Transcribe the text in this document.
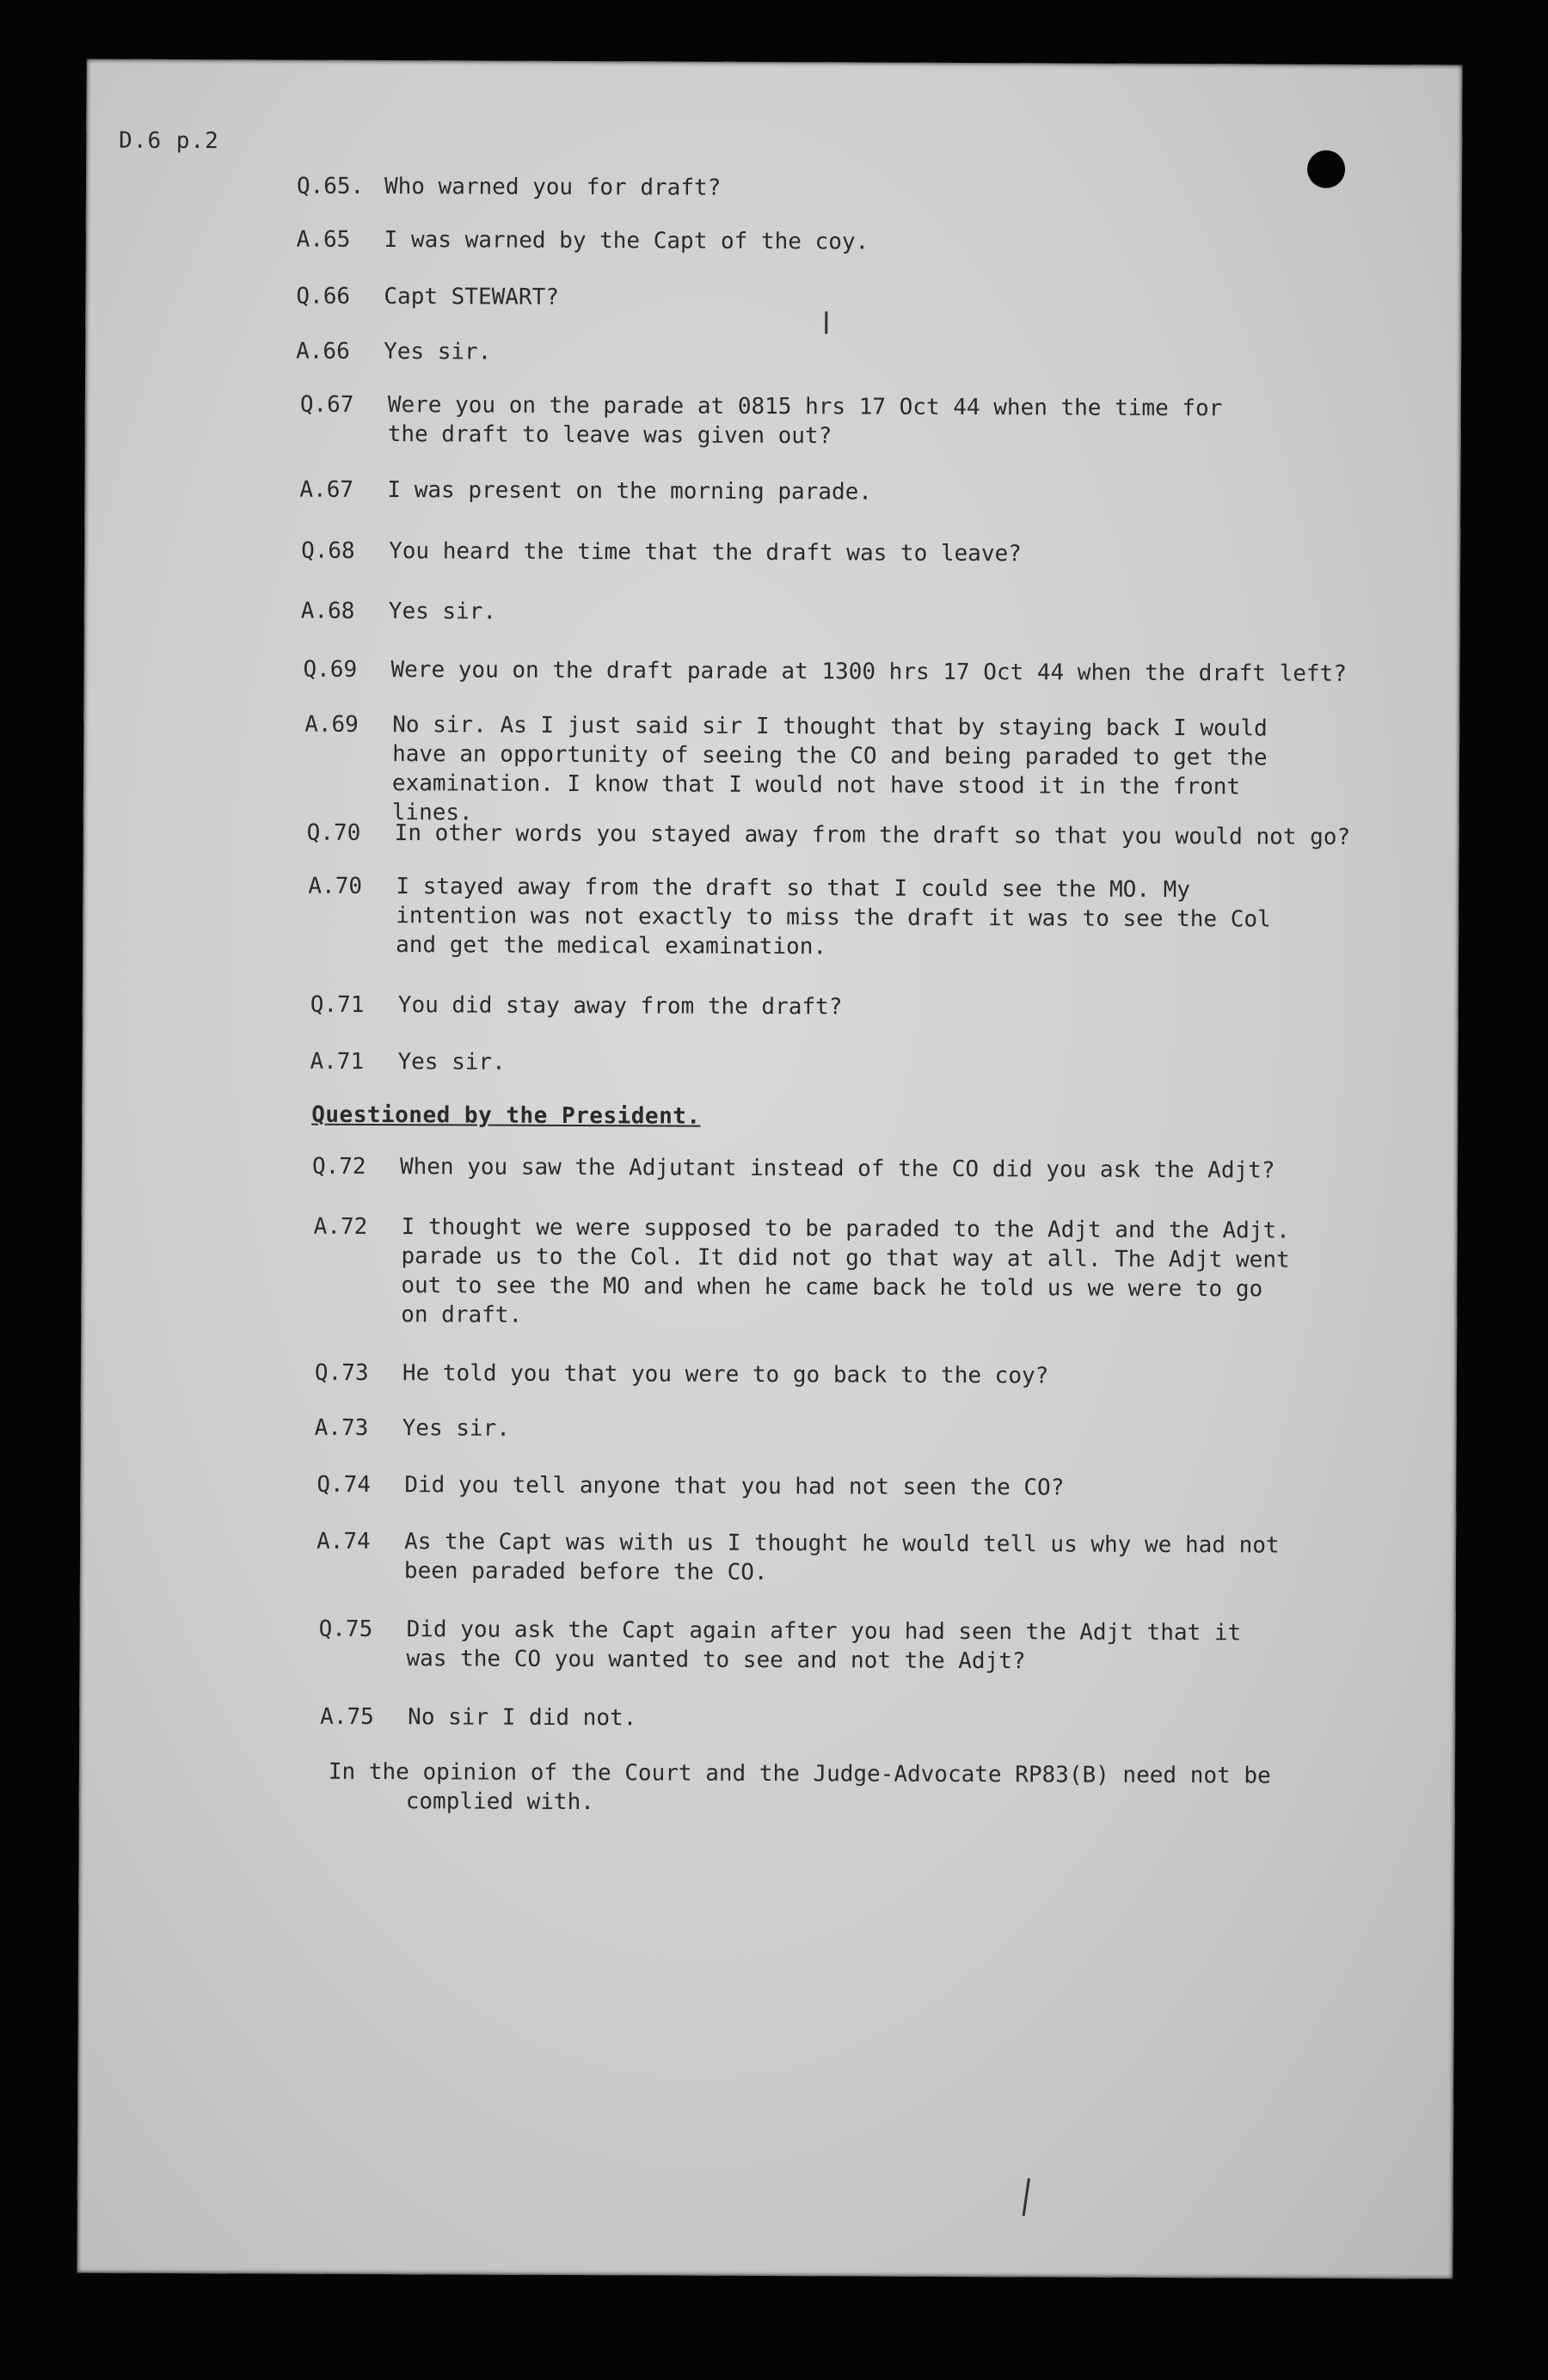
D.6 p.2
Q.65. Who warned you for draft?
A.65	I was warned by the Capt of the coy.
Q.66	Capt STEWART?
A.66	Yes sir.
Q.67	Were you on the parade at 0815 hrs 17 Oct 44 when the time for the draft to leave was given out?
A.67	I was present on the morning parade.
Q.68	You heard the time that the draft was to leave?
A.68	Yes sir.
Q.69	Were you on the draft parade at 1300 hrs 17 Oct 44 when the draft left?
A.69	No sir. As I just said sir I thought that by staying back I would have an opportunity of seeing the CO and being paraded to get the examination. I know that I would not have stood it in the front lines.
Q.70	In other words you stayed away from the draft so that you would not go?
A.70	I stayed away from the draft so that I could see the MO. My intention was not exactly to miss the draft it was to see the Col and get the medical examination.
Q.71	You did stay away from the draft?
A.71	Yes sir.
Questioned by the President.
Q.72	When you saw the Adjutant instead of the CO did you ask the Adjt?
A.72	I thought we were supposed to be paraded to the Adjt and the Adjt. parade us to the Col. It did not go that way at all. The Adjt went out to see the MO and when he came back he told us we were to go on draft.
Q.73	He told you that you were to go back to the coy?
A.73	Yes sir.
Q.74	Did you tell anyone that you had not seen the CO?
A.74	As the Capt was with us I thought he would tell us why we had not been paraded before the CO.
Q.75	Did you ask the Capt again after you had seen the Adjt that it was the CO you wanted to see and not the Adjt?
A.75	No sir I did not.
In the opinion of the Court and the Judge-Advocate RP83(B) need not be
complied with.
